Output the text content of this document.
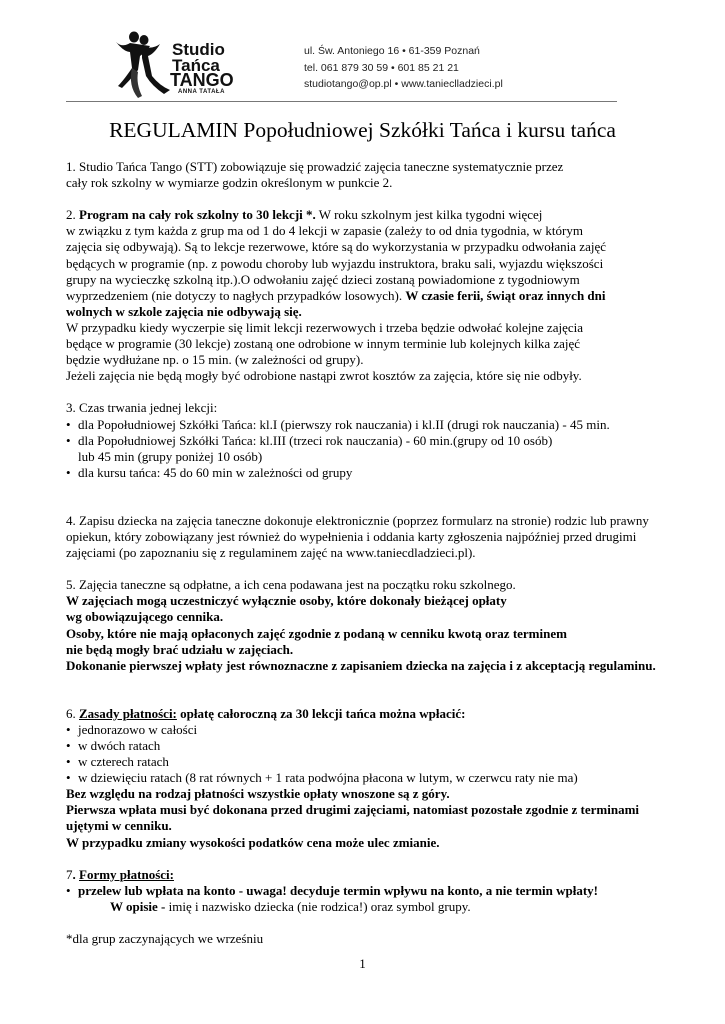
Studio
Tańca
TANGO
ANNA TATAŁA
ul. Św. Antoniego 16 • 61-359 Poznań
tel. 061 879 30 59 • 601 85 21 21
studiotango@op.pl • www.tanieclladzieci.pl
REGULAMIN Popołudniowej Szkółki Tańca i kursu tańca

1. Studio Tańca Tango (STT) zobowiązuje się prowadzić zajęcia taneczne systematycznie przez

cały rok szkolny w wymiarze godzin określonym w punkcie 2.

2. Program na cały rok szkolny to 30 lekcji *. W roku szkolnym jest kilka tygodni więcej

w związku z tym każda z grup ma od 1 do 4 lekcji w zapasie (zależy to od dnia tygodnia, w którym

zajęcia się odbywają). Są to lekcje rezerwowe, które są do wykorzystania w przypadku odwołania zajęć

będących w programie (np. z powodu choroby lub wyjazdu instruktora, braku sali, wyjazdu większości

grupy na wycieczkę szkolną itp.).O odwołaniu zajęć dzieci zostaną powiadomione z tygodniowym

wyprzedzeniem (nie dotyczy to nagłych przypadków losowych). W czasie ferii, świąt oraz innych dni

wolnych w szkole zajęcia nie odbywają się.

W przypadku kiedy wyczerpie się limit lekcji rezerwowych i trzeba będzie odwołać kolejne zajęcia

będące w programie (30 lekcje) zostaną one odrobione w innym terminie lub kolejnych kilka zajęć

będzie wydłużane np. o 15 min. (w zależności od grupy).

Jeżeli zajęcia nie będą mogły być odrobione nastąpi zwrot kosztów za zajęcia, które się nie odbyły.

3. Czas trwania jednej lekcji:

• dla Popołudniowej Szkółki Tańca: kl.I (pierwszy rok nauczania) i kl.II (drugi rok nauczania) - 45 min.
• dla Popołudniowej Szkółki Tańca: kl.III (trzeci rok nauczania) - 60 min.(grupy od 10 osób)

lub 45 min (grupy poniżej 10 osób)

• dla kursu tańca: 45 do 60 min w zależności od grupy

4. Zapisu dziecka na zajęcia taneczne dokonuje elektronicznie (poprzez formularz na stronie) rodzic lub prawny

opiekun, który zobowiązany jest również do wypełnienia i oddania karty zgłoszenia najpóźniej przed drugimi

zajęciami (po zapoznaniu się z regulaminem zajęć na www.taniecdladzieci.pl).

5. Zajęcia taneczne są odpłatne, a ich cena podawana jest na początku roku szkolnego.

W zajęciach mogą uczestniczyć wyłącznie osoby, które dokonały bieżącej opłaty

wg obowiązującego cennika.

Osoby, które nie mają opłaconych zajęć zgodnie z podaną w cenniku kwotą oraz terminem

nie będą mogły brać udziału w zajęciach.

Dokonanie pierwszej wpłaty jest równoznaczne z zapisaniem dziecka na zajęcia i z akceptacją regulaminu.

6. Zasady płatności: opłatę całoroczną za 30 lekcji tańca można wpłacić:

• jednorazowo w całości
• w dwóch ratach
• w czterech ratach
• w dziewięciu ratach (8 rat równych + 1 rata podwójna płacona w lutym, w czerwcu raty nie ma)

Bez względu na rodzaj płatności wszystkie opłaty wnoszone są z góry.

Pierwsza wpłata musi być dokonana przed drugimi zajęciami, natomiast pozostałe zgodnie z terminami

ujętymi w cenniku.

W przypadku zmiany wysokości podatków cena może ulec zmianie.

7. Formy płatności:

• przelew lub wpłata na konto - uwaga! decyduje termin wpływu na konto, a nie termin wpłaty!

W opisie - imię i nazwisko dziecka (nie rodzica!) oraz symbol grupy.

*dla grup zaczynających we wrześniu

1
